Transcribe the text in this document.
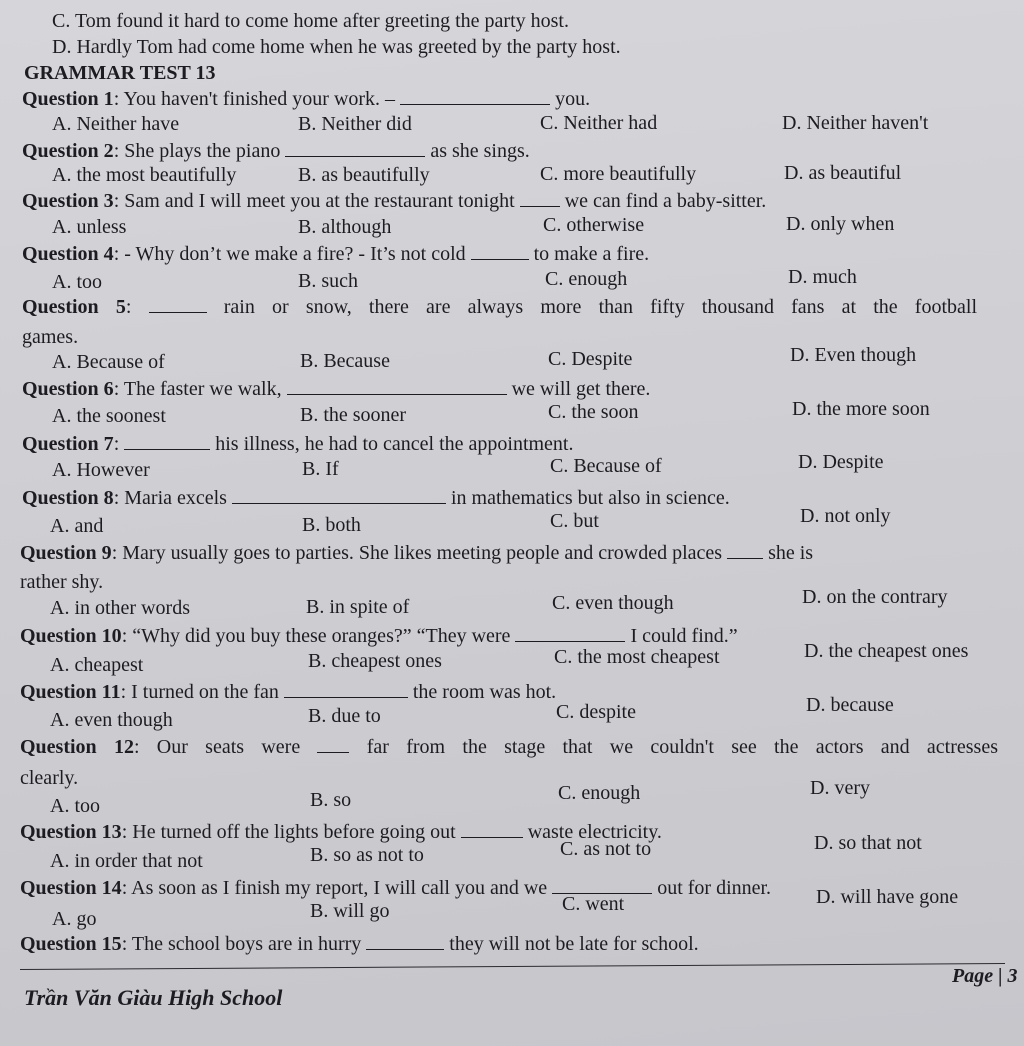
C. Tom found it hard to come home after greeting the party host.
D. Hardly Tom had come home when he was greeted by the party host.
GRAMMAR TEST 13
Question 1: You haven't finished your work. –	you.
A. Neither have	B. Neither did	C. Neither had	D. Neither haven't
Question 2: She plays the piano	as she sings.
A. the most beautifully	B. as beautifully	C. more beautifully	D. as beautiful
Question 3: Sam and I will meet you at the restaurant tonight	we can find a baby-sitter.
A. unless	B. although	C. otherwise	D. only when
Question 4: - Why don’t we make a fire? - It’s not cold	to make a fire.
A. too	B. such	C. enough	D. much
Question 5:	rain or snow, there are always more than fifty thousand fans at the football
games.
A. Because of	B. Because	C. Despite	D. Even though
Question 6: The faster we walk,	we will get there.
A. the soonest	B. the sooner	C. the soon	D. the more soon
Question 7:	his illness, he had to cancel the appointment.
A. However	B. If	C. Because of	D. Despite
Question 8: Maria excels	in mathematics but also in science.
A. and	B. both	C. but	D. not only
Question 9: Mary usually goes to parties. She likes meeting people and crowded places she is
rather shy.
A. in other words	B. in spite of	C. even though	D. on the contrary
Question 10: “Why did you buy these oranges?” “They were	I could find.”
A. cheapest	B. cheapest ones	C. the most cheapest	D. the cheapest ones
Question 11: I turned on the fan	the room was hot.
A. even though	B. due to	C. despite	D. because
Question 12: Our seats were	far from the stage that we couldn't see the actors and actresses
clearly.
A. too	B. so	C. enough	D. very
Question 13: He turned off the lights before going out	waste electricity.
A. in order that not	B. so as not to	C. as not to	D. so that not
Question 14: As soon as I finish my report, I will call you and we	out for dinner.
A. go	B. will go	C. went	D. will have gone
Question 15: The school boys are in hurry	they will not be late for school.
Page | 3
Trần Văn Giàu High School
